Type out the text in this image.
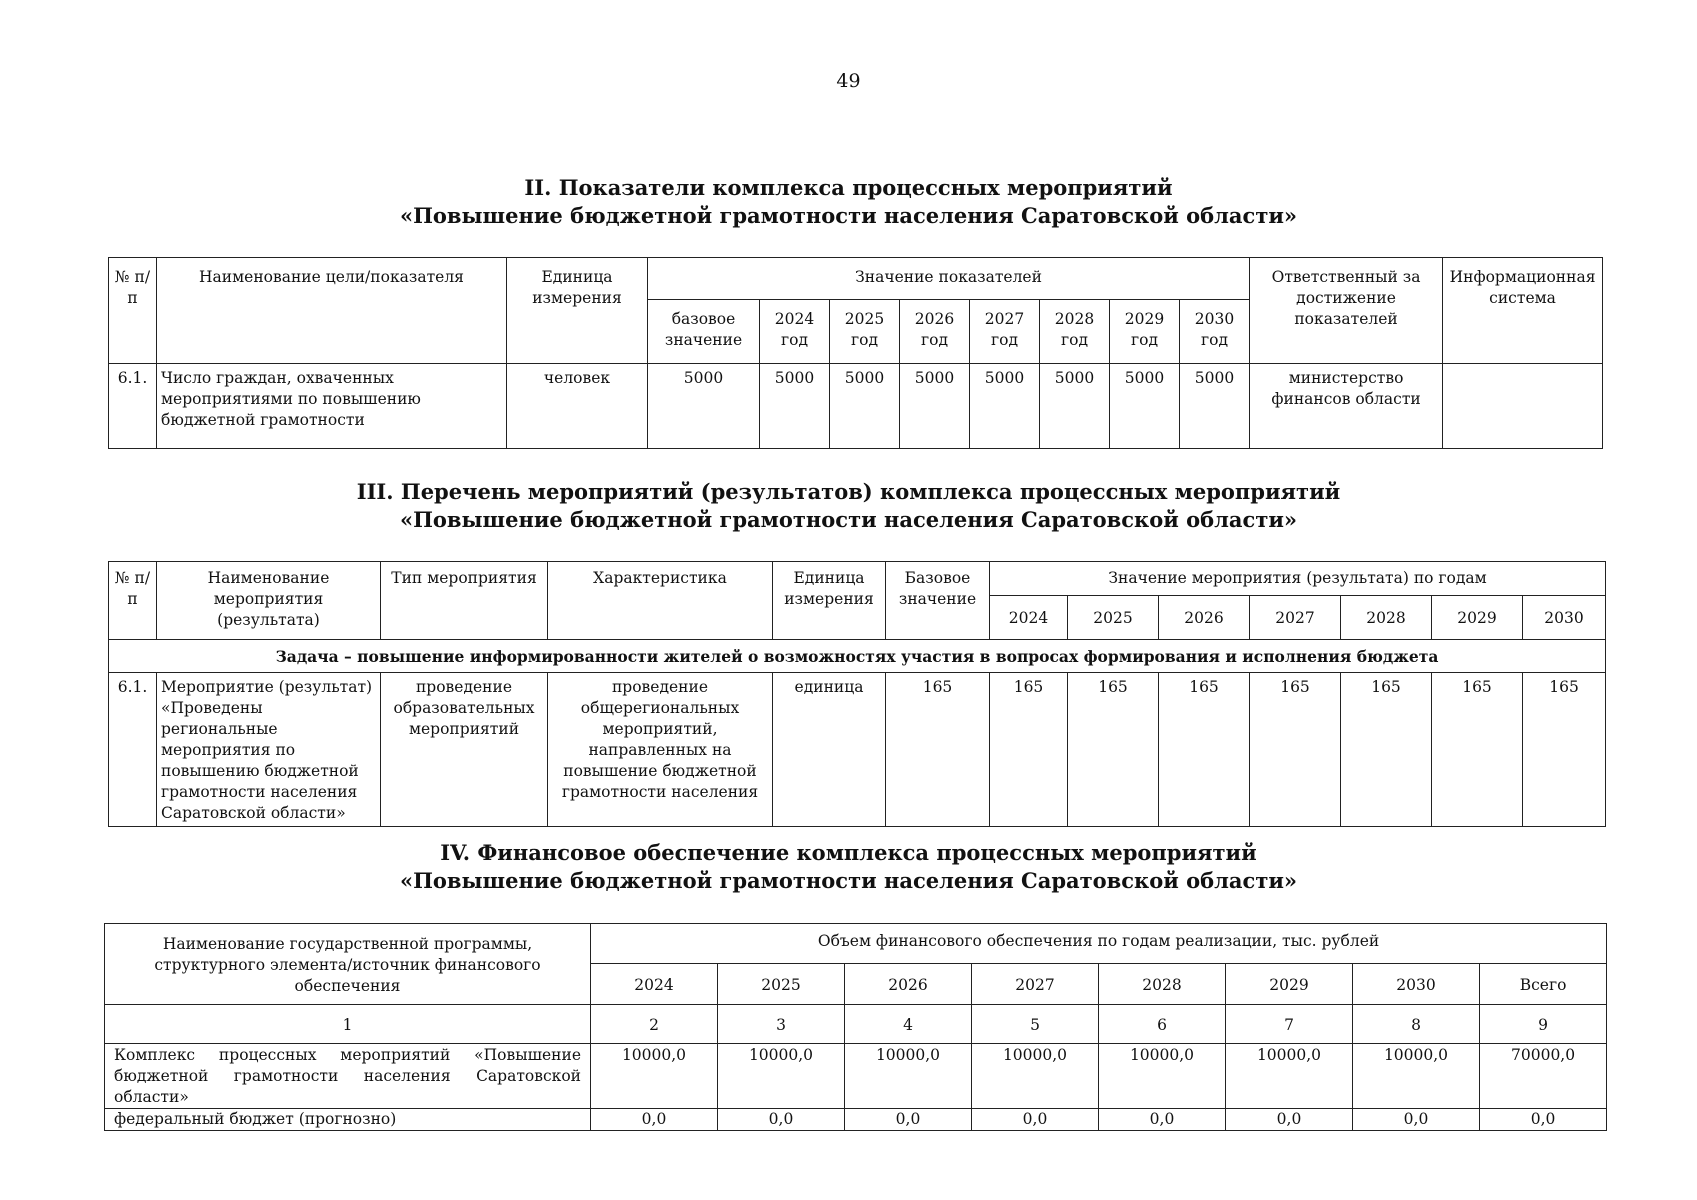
49
II. Показатели комплекса процессных мероприятий
«Повышение бюджетной грамотности населения Саратовской области»
№ п/п	Наименование цели/показателя	Единица измерения	Значение показателей								Ответственный за достижение показателей	Информационная система
			базовое значение	2024 год	2025 год	2026 год	2027 год	2028 год	2029 год	2030 год		
6.1.	Число граждан, охваченных мероприятиями по повышению бюджетной грамотности	человек	5000	5000	5000	5000	5000	5000	5000	5000	министерство финансов области	
III. Перечень мероприятий (результатов) комплекса процессных мероприятий
«Повышение бюджетной грамотности населения Саратовской области»
№ п/п	Наименование мероприятия (результата)	Тип мероприятия	Характеристика	Единица измерения	Базовое значение	Значение мероприятия (результата) по годам						
						2024	2025	2026	2027	2028	2029	2030
Задача – повышение информированности жителей о возможностях участия в вопросах формирования и исполнения бюджета												
6.1.	Мероприятие (результат) «Проведены региональные мероприятия по повышению бюджетной грамотности населения Саратовской области»	проведение образовательных мероприятий	проведение общерегиональных мероприятий, направленных на повышение бюджетной грамотности населения	единица	165	165	165	165	165	165	165	165
IV. Финансовое обеспечение комплекса процессных мероприятий
«Повышение бюджетной грамотности населения Саратовской области»
Наименование государственной программы, структурного элемента/источник финансового обеспечения	Объем финансового обеспечения по годам реализации, тыс. рублей							
	2024	2025	2026	2027	2028	2029	2030	Всего
1	2	3	4	5	6	7	8	9
Комплекс процессных мероприятий «Повышение бюджетной грамотности населения Саратовской области»	10000,0	10000,0	10000,0	10000,0	10000,0	10000,0	10000,0	70000,0
федеральный бюджет (прогнозно)	0,0	0,0	0,0	0,0	0,0	0,0	0,0	0,0
